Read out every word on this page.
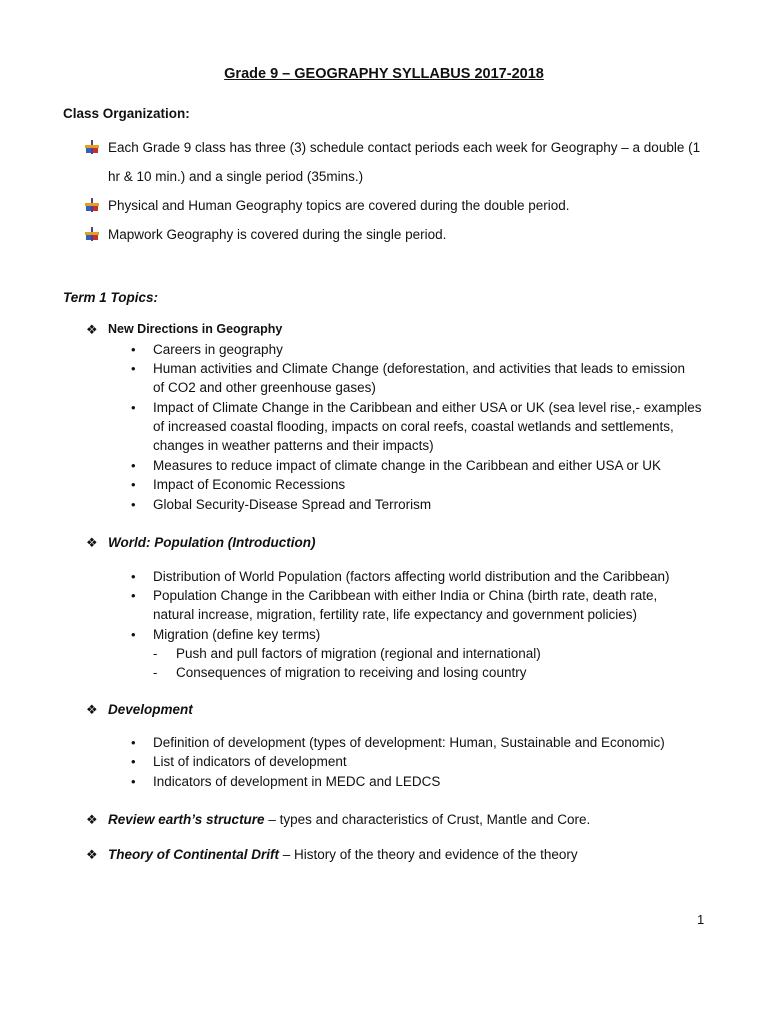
Grade 9 – GEOGRAPHY SYLLABUS 2017-2018
Class Organization:
Each Grade 9 class has three (3) schedule contact periods each week for Geography – a double (1
hr & 10 min.) and a single period (35mins.)
Physical and Human Geography topics are covered during the double period.
Mapwork Geography is covered during the single period.
Term 1 Topics:
❖ New Directions in Geography
• Careers in geography
• Human activities and Climate Change (deforestation, and activities that leads to emission
of CO2 and other greenhouse gases)
• Impact of Climate Change in the Caribbean and either USA or UK (sea level rise,- examples
of increased coastal flooding, impacts on coral reefs, coastal wetlands and settlements,
changes in weather patterns and their impacts)
• Measures to reduce impact of climate change in the Caribbean and either USA or UK
• Impact of Economic Recessions
• Global Security-Disease Spread and Terrorism
❖ World: Population (Introduction)
• Distribution of World Population (factors affecting world distribution and the Caribbean)
• Population Change in the Caribbean with either India or China (birth rate, death rate,
natural increase, migration, fertility rate, life expectancy and government policies)
• Migration (define key terms)
- Push and pull factors of migration (regional and international)
- Consequences of migration to receiving and losing country
❖ Development
• Definition of development (types of development: Human, Sustainable and Economic)
• List of indicators of development
• Indicators of development in MEDC and LEDCS
❖ Review earth’s structure – types and characteristics of Crust, Mantle and Core.
❖ Theory of Continental Drift – History of the theory and evidence of the theory
1
